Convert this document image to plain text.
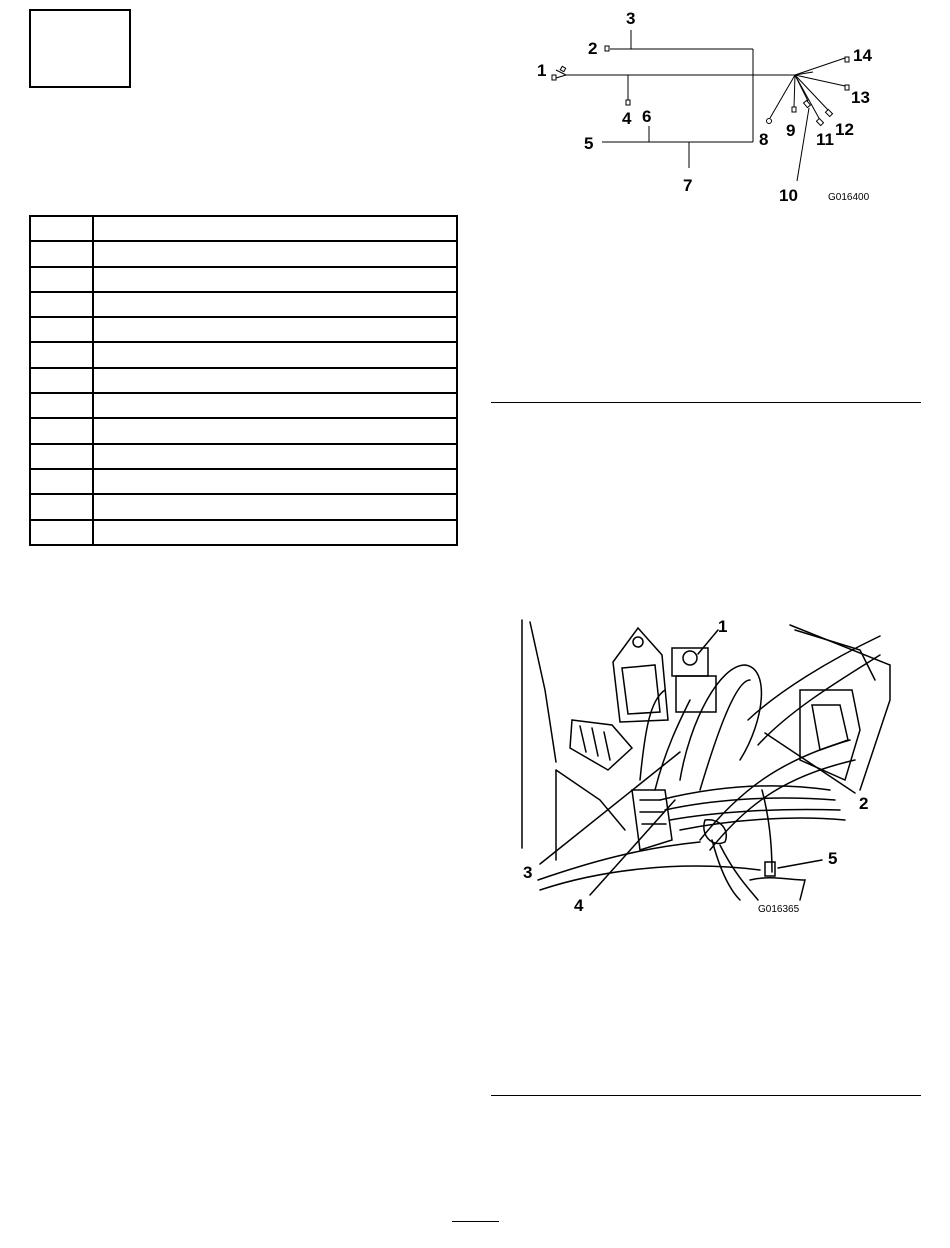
1
2
3
4
5
6
7
8 9
10
11
12
13
14
G016400
1
2
3
4
5
G016365
